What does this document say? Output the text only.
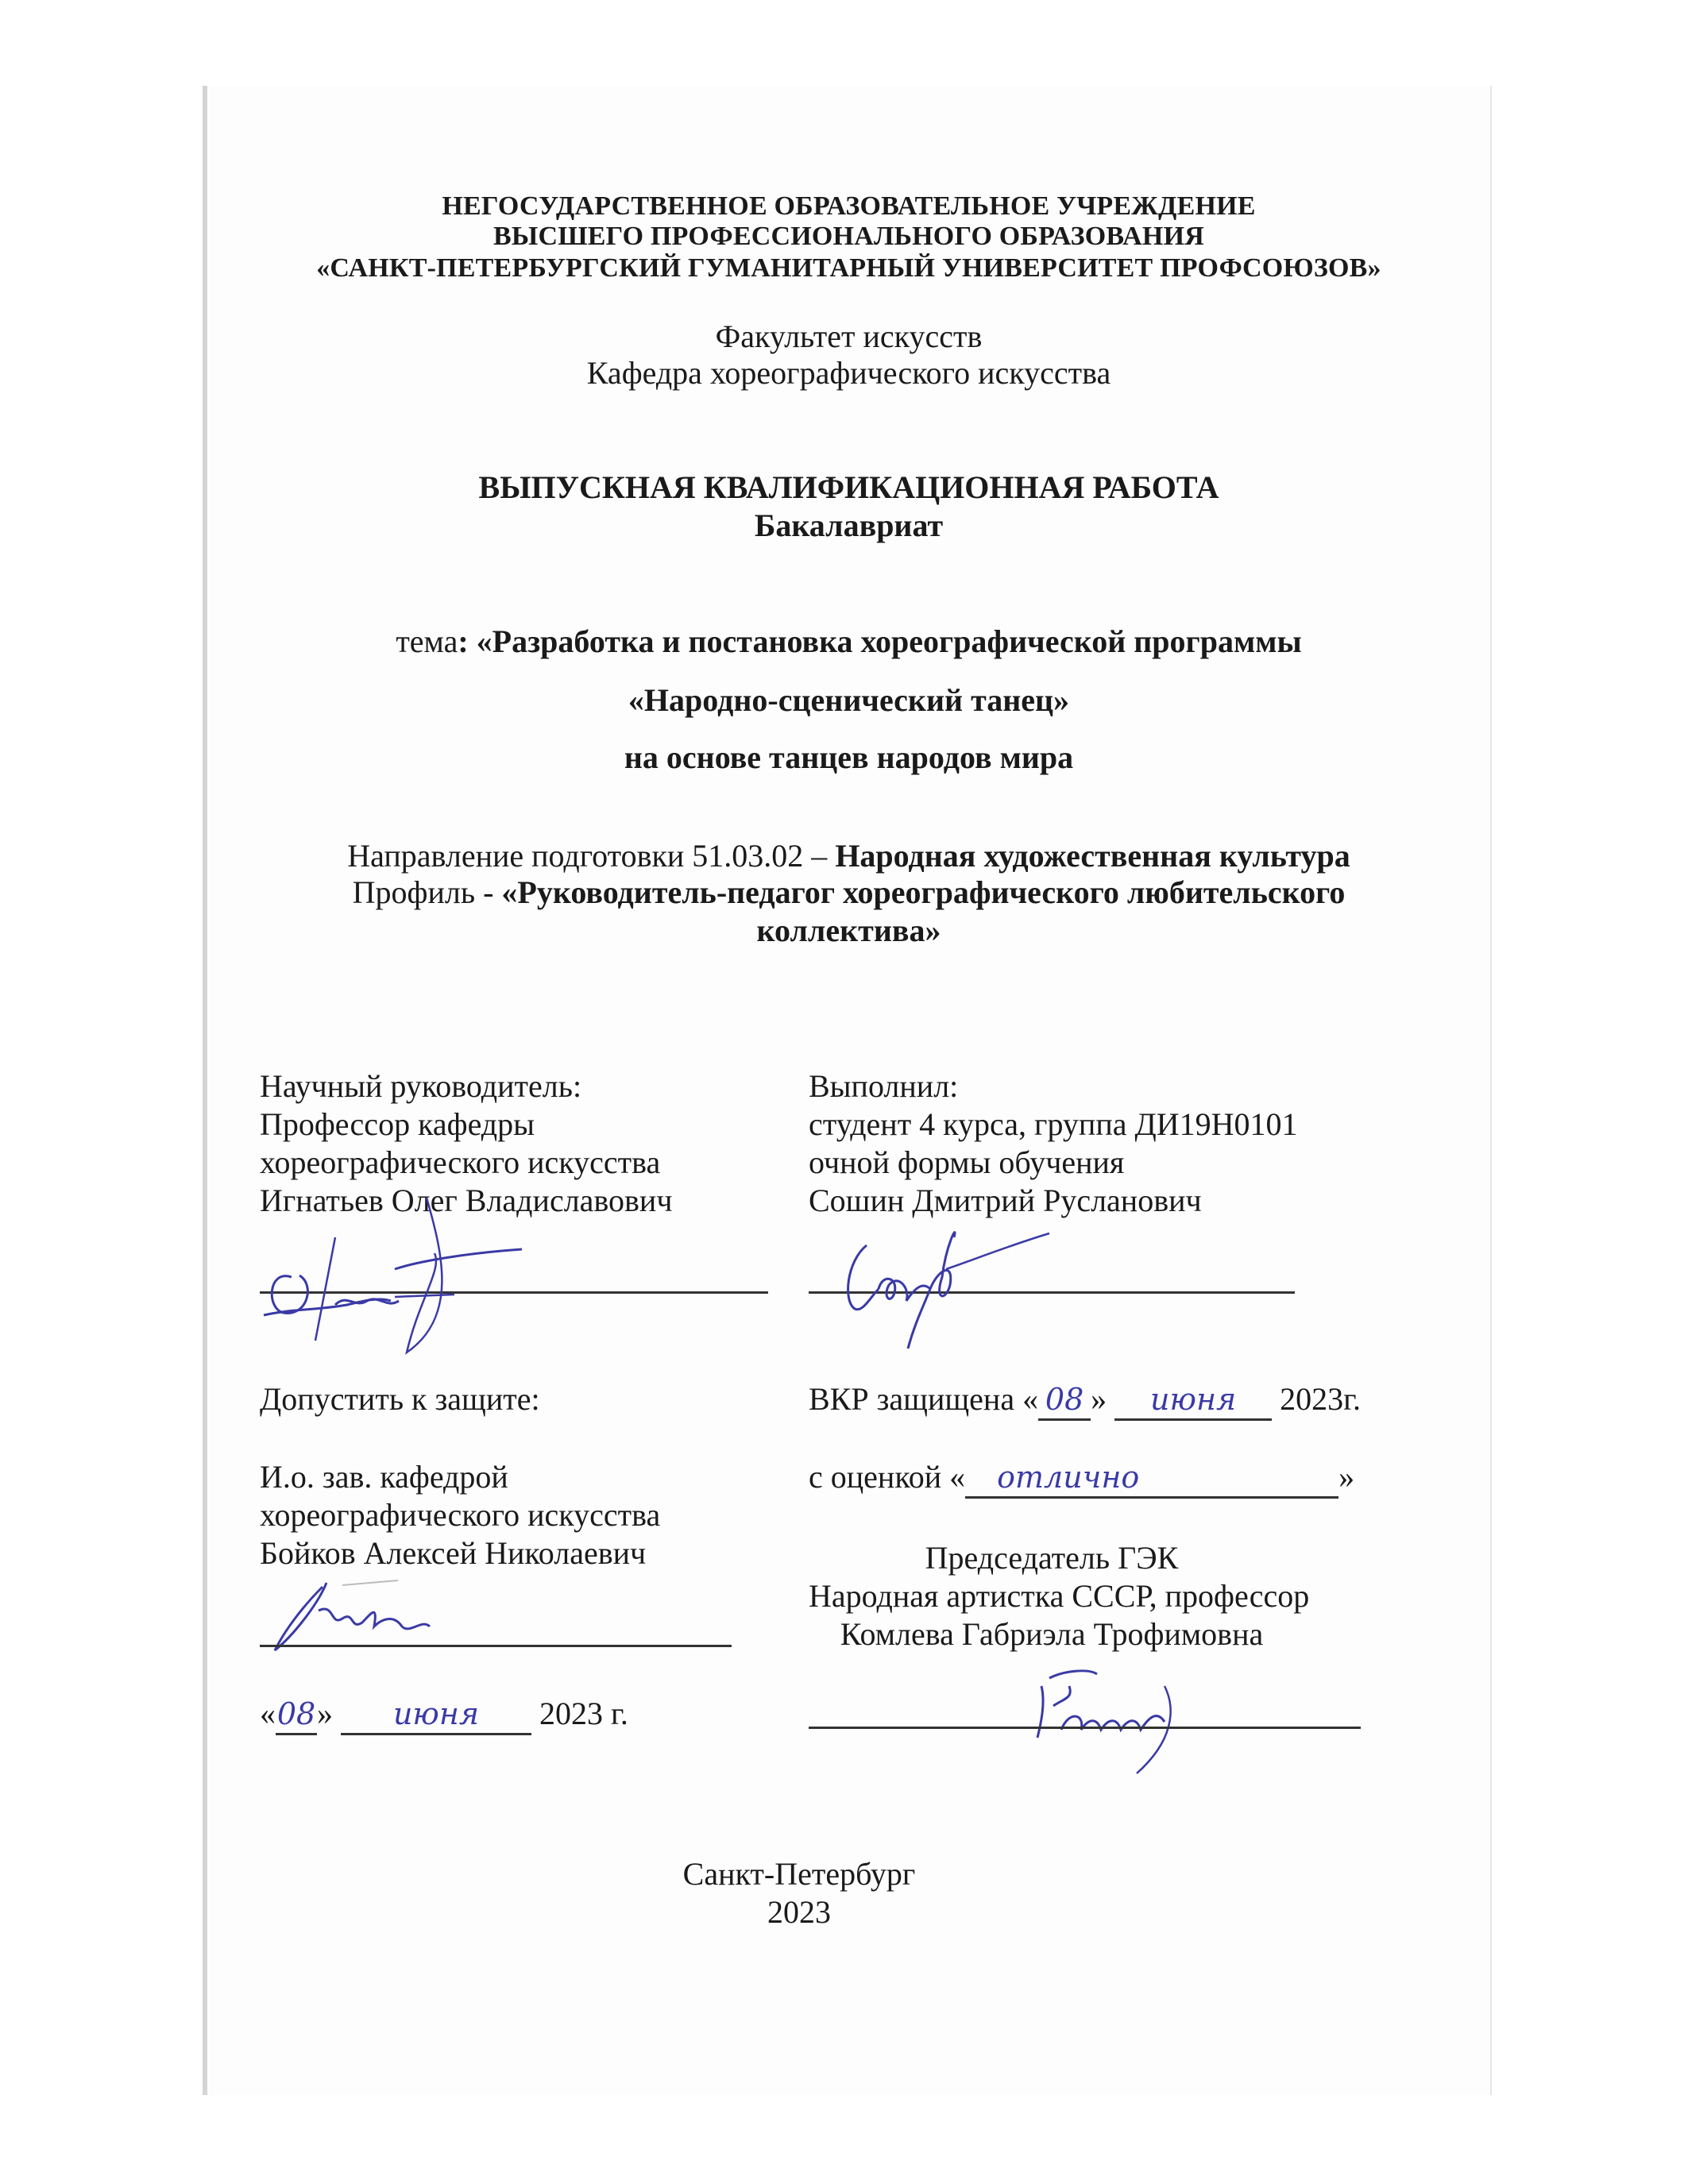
НЕГОСУДАРСТВЕННОЕ ОБРАЗОВАТЕЛЬНОЕ УЧРЕЖДЕНИЕ
ВЫСШЕГО ПРОФЕССИОНАЛЬНОГО ОБРАЗОВАНИЯ
«САНКТ-ПЕТЕРБУРГСКИЙ ГУМАНИТАРНЫЙ УНИВЕРСИТЕТ ПРОФСОЮЗОВ»
Факультет искусств
Кафедра хореографического искусства
ВЫПУСКНАЯ КВАЛИФИКАЦИОННАЯ РАБОТА
Бакалавриат
тема: «Разработка и постановка хореографической программы
«Народно-сценический танец»
на основе танцев народов мира
Направление подготовки 51.03.02 – Народная художественная культура
Профиль - «Руководитель-педагог хореографического любительского
коллектива»
Научный руководитель:
Профессор кафедры
хореографического искусства
Игнатьев Олег Владиславович
Выполнил:
студент 4 курса, группа ДИ19Н0101
очной формы обучения
Сошин Дмитрий Русланович
Допустить к защите:
И.о. зав. кафедрой
хореографического искусства
Бойков Алексей Николаевич
«08» июня 2023 г.
ВКР защищена « 08 » июня 2023г.
с оценкой « отлично	»
Председатель ГЭК
Народная артистка СССР, профессор
Комлева Габриэла Трофимовна
Санкт-Петербург
2023
